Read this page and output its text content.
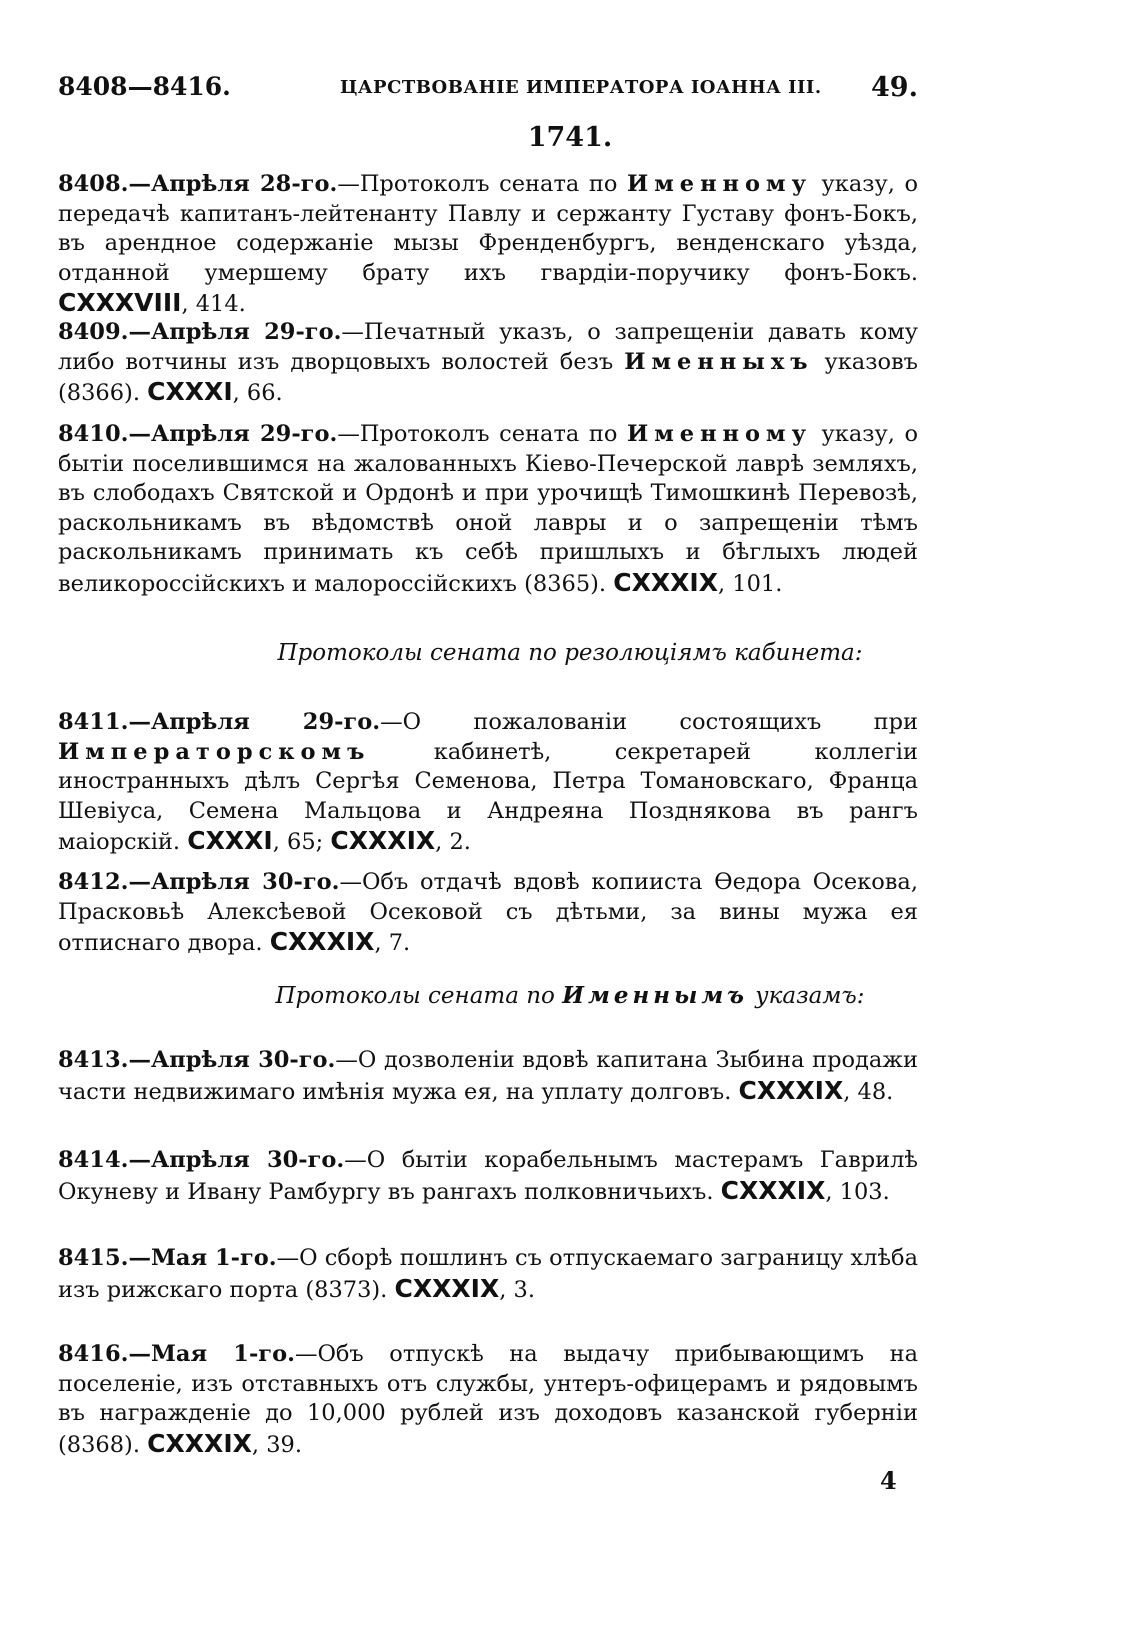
8408—8416.	ЦАРСТВОВАНІЕ ИМПЕРАТОРА ІОАННА III. 49.
1741.
8408.—Апрѣля 28-го.—Протоколъ сената по Именному указу, о передачѣ капитанъ-лейтенанту Павлу и сержанту Густаву фонъ-Бокъ, въ арендное содержаніе мызы Френденбургъ, венденскаго уѣзда, отданной умершему брату ихъ гвардіи-поручику фонъ-Бокъ. CXXXVIII, 414.
8409.—Апрѣля 29-го.—Печатный указъ, о запрещеніи давать кому либо вотчины изъ дворцовыхъ волостей безъ Именныхъ указовъ (8366). CXXXI, 66.
8410.—Апрѣля 29-го.—Протоколъ сената по Именному указу, о бытіи поселившимся на жалованныхъ Кіево-Печерской лаврѣ земляхъ, въ слободахъ Святской и Ордонѣ и при урочищѣ Тимошкинѣ Перевозѣ, раскольникамъ въ вѣдомствѣ оной лавры и о запрещеніи тѣмъ раскольникамъ принимать къ себѣ пришлыхъ и бѣглыхъ людей великороссійскихъ и малороссійскихъ (8365). CXXXIX, 101.
Протоколы сената по резолюціямъ кабинета:
8411.—Апрѣля 29-го.—О пожалованіи состоящихъ при Императорскомъ кабинетѣ, секретарей коллегіи иностранныхъ дѣлъ Сергѣя Семенова, Петра Томановскаго, Франца Шевіуса, Семена Мальцова и Андреяна Позднякова въ рангъ маіорскій. CXXXI, 65; CXXXIX, 2.
8412.—Апрѣля 30-го.—Объ отдачѣ вдовѣ копииста Ѳедора Осекова, Прасковьѣ Алексѣевой Осековой съ дѣтьми, за вины мужа ея отписнаго двора. CXXXIX, 7.
Протоколы сената по Именнымъ указамъ:
8413.—Апрѣля 30-го.—О дозволеніи вдовѣ капитана Зыбина продажи части недвижимаго имѣнія мужа ея, на уплату долговъ. CXXXIX, 48.
8414.—Апрѣля 30-го.—О бытіи корабельнымъ мастерамъ Гаврилѣ Окуневу и Ивану Рамбургу въ рангахъ полковничьихъ. CXXXIX, 103.
8415.—Мая 1-го.—О сборѣ пошлинъ съ отпускаемаго заграницу хлѣба изъ рижскаго порта (8373). CXXXIX, 3.
8416.—Мая 1-го.—Объ отпускѣ на выдачу прибывающимъ на поселеніе, изъ отставныхъ отъ службы, унтеръ-офицерамъ и рядовымъ въ награжденіе до 10,000 рублей изъ доходовъ казанской губерніи (8368). CXXXIX, 39.
4
